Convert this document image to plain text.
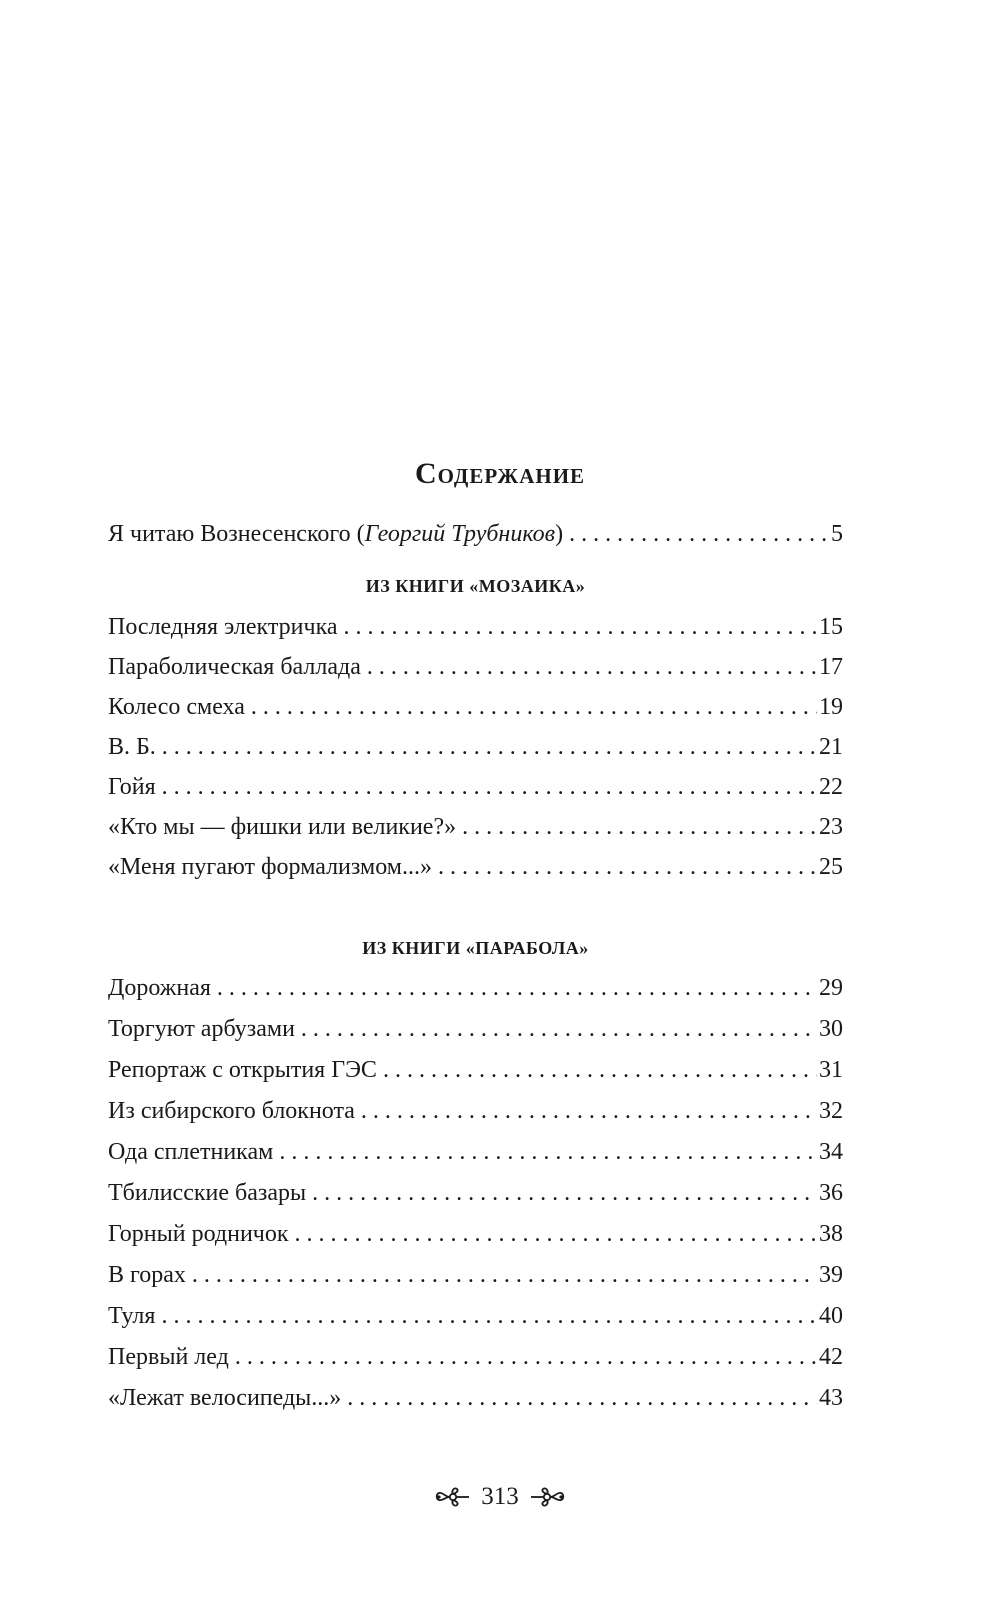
Содержание
Я читаю Вознесенского (Георгий Трубников) . . .	5
ИЗ КНИГИ «МОЗАИКА»
Последняя электричка . . .	15
Параболическая баллада . . .	17
Колесо смеха . . .	19
В. Б. . . .	21
Гойя . . .	22
«Кто мы — фишки или великие?» . . .	23
«Меня пугают формализмом...» . . .	25
ИЗ КНИГИ «ПАРАБОЛА»
Дорожная . . .	29
Торгуют арбузами . . .	30
Репортаж с открытия ГЭС . . .	31
Из сибирского блокнота . . .	32
Ода сплетникам . . .	34
Тбилисские базары . . .	36
Горный родничок . . .	38
В горах . . .	39
Туля . . .	40
Первый лед . . .	42
«Лежат велосипеды...» . . .	43
313
